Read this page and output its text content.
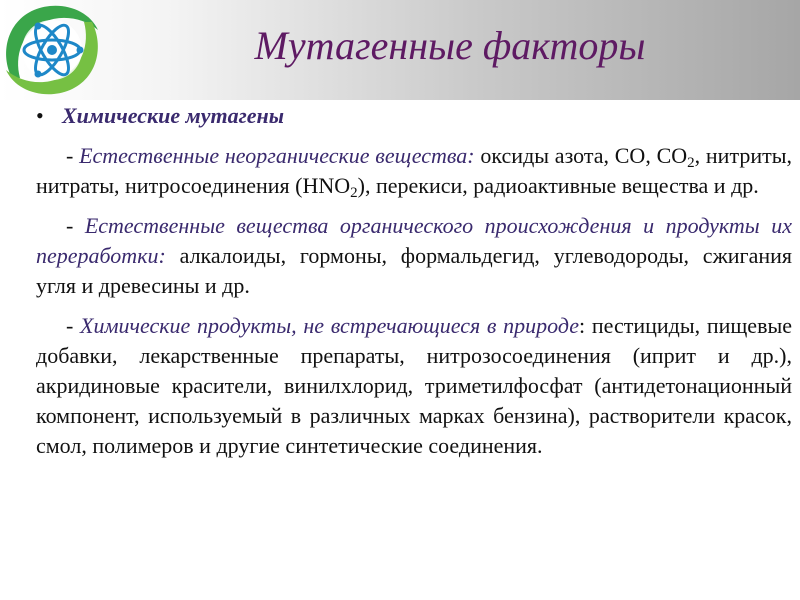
Мутагенные факторы
• Химические мутагены

- Естественные неорганические вещества: оксиды азота, СО, $СО_2$, нитриты, нитраты, нитросоединения $(HNO_2)$, перекиси, радиоактивные вещества и др.

- Естественные вещества органического происхождения и продукты их переработки: алкалоиды, гормоны, формальдегид, углеводороды, сжигания угля и древесины и др.

- Химические продукты, не встречающиеся в природе: пестициды, пищевые добавки, лекарственные препараты, нитрозосоединения (иприт и др.), акридиновые красители, винилхлорид, триметилфосфат (антидетонационный компонент, используемый в различных марках бензина), растворители красок, смол, полимеров и другие синтетические соединения.
